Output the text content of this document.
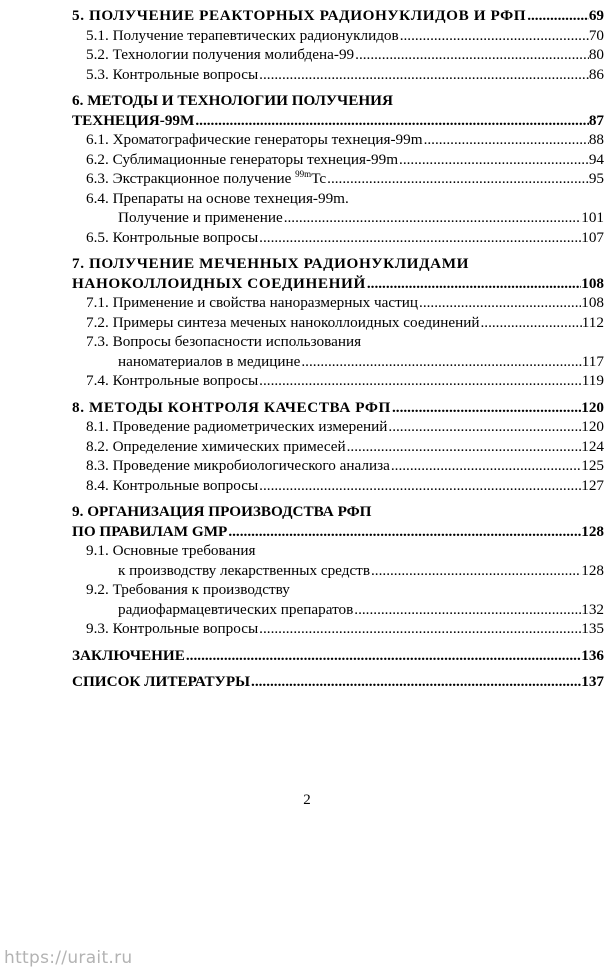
5. ПОЛУЧЕНИЕ РЕАКТОРНЫХ РАДИОНУКЛИДОВ И РФП .....	69
5.1. Получение терапевтических радионуклидов .....	70
5.2. Технологии получения молибдена-99 .....	80
5.3. Контрольные вопросы .....	86
6. МЕТОДЫ И ТЕХНОЛОГИИ ПОЛУЧЕНИЯ
ТЕХНЕЦИЯ-99М .....	87
6.1. Хроматографические генераторы технеция-99m .....	88
6.2. Сублимационные генераторы технеция-99m .....	94
6.3. Экстракционное получение $^{99m}$Tc .....	95
6.4. Препараты на основе технеция-99m.
Получение и применение .....	101
6.5. Контрольные вопросы .....	107
7. ПОЛУЧЕНИЕ МЕЧЕННЫХ РАДИОНУКЛИДАМИ
НАНОКОЛЛОИДНЫХ СОЕДИНЕНИЙ .....	108
7.1. Применение и свойства наноразмерных частиц .....	108
7.2. Примеры синтеза меченых наноколлоидных соединений .....	112
7.3. Вопросы безопасности использования
наноматериалов в медицине .....	117
7.4. Контрольные вопросы .....	119
8. МЕТОДЫ КОНТРОЛЯ КАЧЕСТВА РФП .....	120
8.1. Проведение радиометрических измерений .....	120
8.2. Определение химических примесей .....	124
8.3. Проведение микробиологического анализа .....	125
8.4. Контрольные вопросы .....	127
9. ОРГАНИЗАЦИЯ ПРОИЗВОДСТВА РФП
ПО ПРАВИЛАМ GMP .....	128
9.1. Основные требования
к производству лекарственных средств .....	128
9.2. Требования к производству
радиофармацевтических препаратов .....	132
9.3. Контрольные вопросы .....	135
ЗАКЛЮЧЕНИЕ .....	136
СПИСОК ЛИТЕРАТУРЫ .....	137
2
https://urait.ru
